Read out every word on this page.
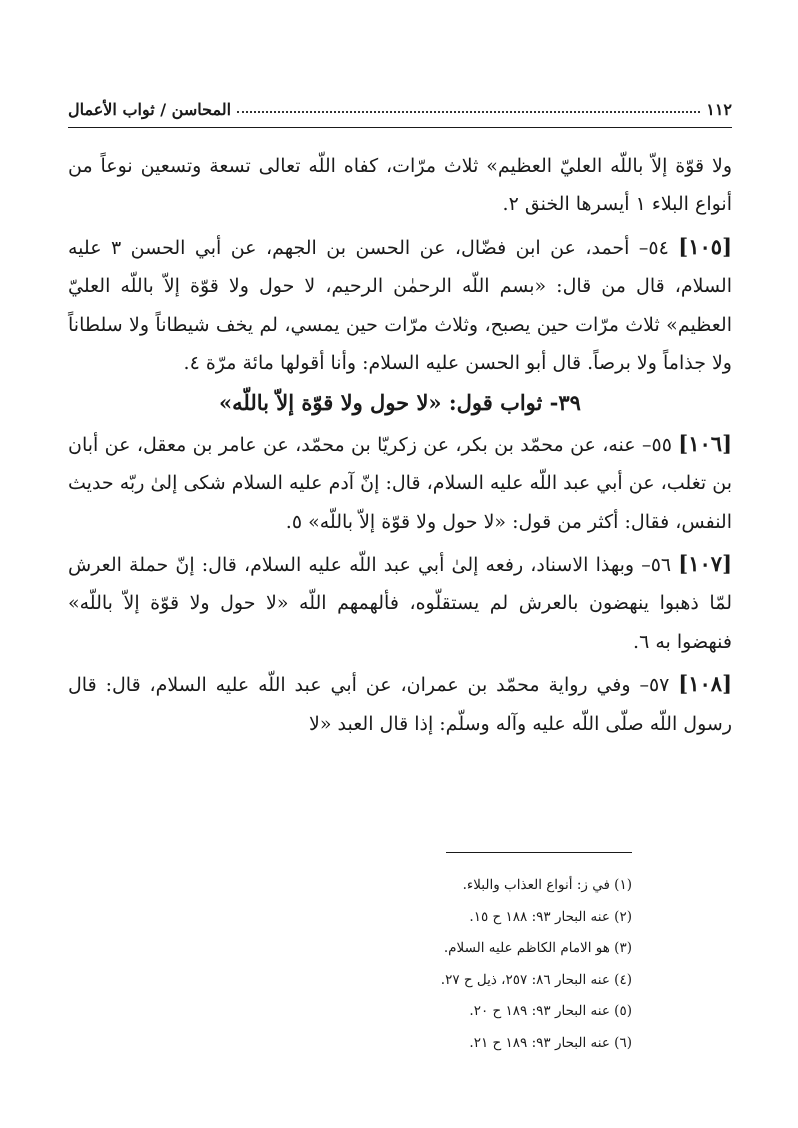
١١٢
المحاسن / ثواب الأعمال

ولا قوّة إلاّ باللّه العليّ العظيم» ثلاث مرّات، كفاه اللّه تعالى تسعة وتسعين نوعاً من أنواع البلاء ١ أيسرها الخنق ٢.

[١٠٥] ٥٤– أحمد، عن ابن فضّال، عن الحسن بن الجهم، عن أبي الحسن ٣ عليه السلام، قال من قال: «بسم اللّه الرحمٰن الرحيم، لا حول ولا قوّة إلاّ باللّه العليّ العظيم» ثلاث مرّات حين يصبح، وثلاث مرّات حين يمسي، لم يخف شيطاناً ولا سلطاناً ولا جذاماً ولا برصاً. قال أبو الحسن عليه السلام: وأنا أقولها مائة مرّة ٤.

٣٩- ثواب قول: «لا حول ولا قوّة إلاّ باللّه»

[١٠٦] ٥٥– عنه، عن محمّد بن بكر، عن زكريّا بن محمّد، عن عامر بن معقل، عن أبان بن تغلب، عن أبي عبد اللّه عليه السلام، قال: إنّ آدم عليه السلام شكى إلىٰ ربّه حديث النفس، فقال: أكثر من قول: «لا حول ولا قوّة إلاّ باللّه» ٥.

[١٠٧] ٥٦– وبهذا الاسناد، رفعه إلىٰ أبي عبد اللّه عليه السلام، قال: إنّ حملة العرش لمّا ذهبوا ينهضون بالعرش لم يستقلّوه، فألهمهم اللّه «لا حول ولا قوّة إلاّ باللّه» فنهضوا به ٦.

[١٠٨] ٥٧– وفي رواية محمّد بن عمران، عن أبي عبد اللّه عليه السلام، قال: قال رسول اللّه صلّى اللّه عليه وآله وسلّم: إذا قال العبد «لا

(١) في ز: أنواع العذاب والبلاء.
(٢) عنه البحار ٩٣: ١٨٨ ح ١٥.
(٣) هو الامام الكاظم عليه السلام.
(٤) عنه البحار ٨٦: ٢٥٧، ذيل ح ٢٧.
(٥) عنه البحار ٩٣: ١٨٩ ح ٢٠.
(٦) عنه البحار ٩٣: ١٨٩ ح ٢١.
